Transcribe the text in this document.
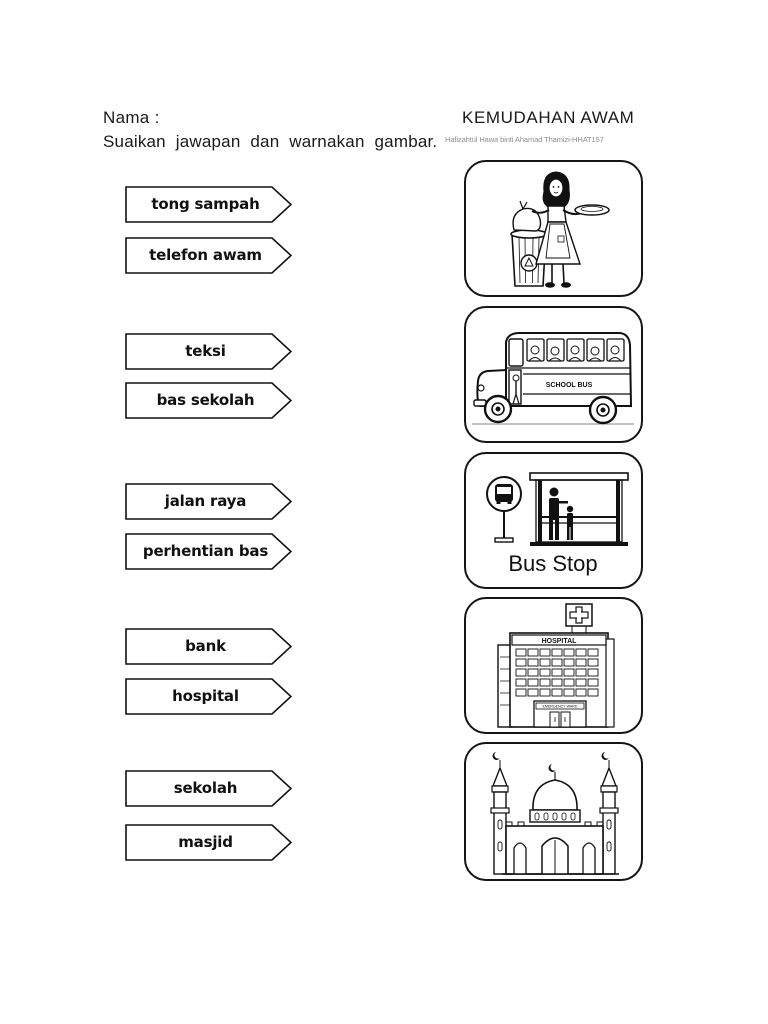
Nama :	KEMUDAHAN AWAM
Suaikan jawapan dan warnakan gambar. Hafizahtul Hawa binti Ahamad Thamizi-HHAT157
tong sampah
telefon awam
teksi
bas sekolah
jalan raya
perhentian bas
bank
hospital
sekolah
masjid
SCHOOL BUS
Bus Stop
HOSPITAL
EMERGENCY WARD
